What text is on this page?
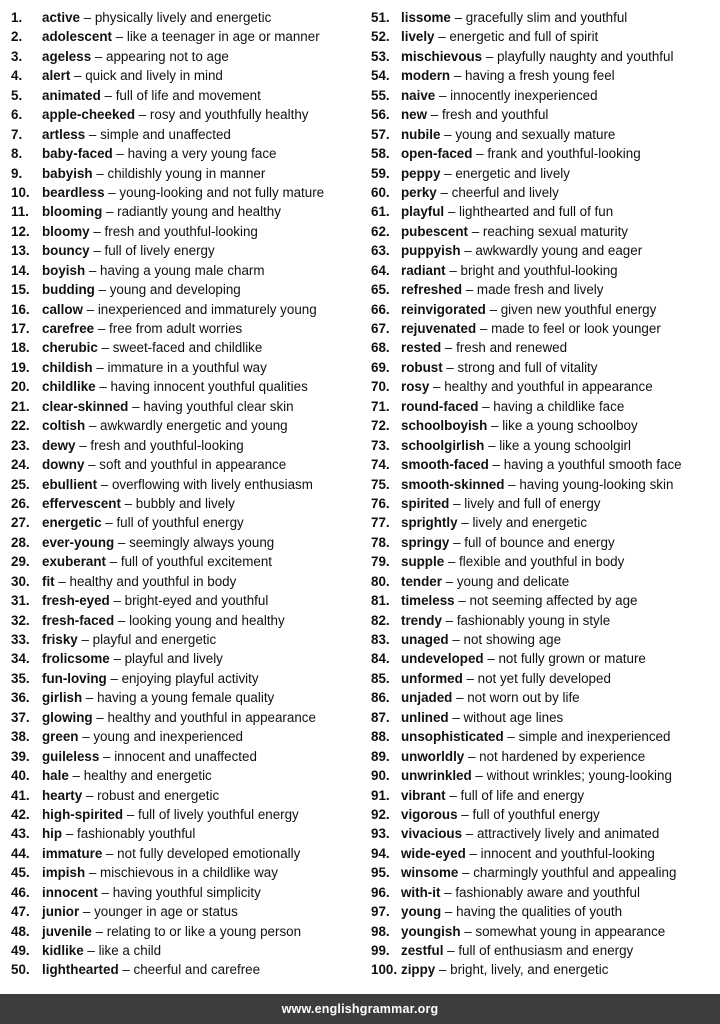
1.	active – physically lively and energetic
2.	adolescent – like a teenager in age or manner
3.	ageless – appearing not to age
4.	alert – quick and lively in mind
5.	animated – full of life and movement
6.	apple-cheeked – rosy and youthfully healthy
7.	artless – simple and unaffected
8.	baby-faced – having a very young face
9.	babyish – childishly young in manner
10. beardless – young-looking and not fully mature
11. blooming – radiantly young and healthy
12. bloomy – fresh and youthful-looking
13. bouncy – full of lively energy
14. boyish – having a young male charm
15. budding – young and developing
16. callow – inexperienced and immaturely young
17. carefree – free from adult worries
18. cherubic – sweet-faced and childlike
19. childish – immature in a youthful way
20. childlike – having innocent youthful qualities
21. clear-skinned – having youthful clear skin
22. coltish – awkwardly energetic and young
23. dewy – fresh and youthful-looking
24. downy – soft and youthful in appearance
25. ebullient – overflowing with lively enthusiasm
26. effervescent – bubbly and lively
27. energetic – full of youthful energy
28. ever-young – seemingly always young
29. exuberant – full of youthful excitement
30. fit – healthy and youthful in body
31. fresh-eyed – bright-eyed and youthful
32. fresh-faced – looking young and healthy
33. frisky – playful and energetic
34. frolicsome – playful and lively
35. fun-loving – enjoying playful activity
36. girlish – having a young female quality
37. glowing – healthy and youthful in appearance
38. green – young and inexperienced
39. guileless – innocent and unaffected
40. hale – healthy and energetic
41. hearty – robust and energetic
42. high-spirited – full of lively youthful energy
43. hip – fashionably youthful
44. immature – not fully developed emotionally
45. impish – mischievous in a childlike way
46. innocent – having youthful simplicity
47. junior – younger in age or status
48. juvenile – relating to or like a young person
49. kidlike – like a child
50. lighthearted – cheerful and carefree
51. lissome – gracefully slim and youthful
52. lively – energetic and full of spirit
53. mischievous – playfully naughty and youthful
54. modern – having a fresh young feel
55. naive – innocently inexperienced
56. new – fresh and youthful
57. nubile – young and sexually mature
58. open-faced – frank and youthful-looking
59. peppy – energetic and lively
60. perky – cheerful and lively
61. playful – lighthearted and full of fun
62. pubescent – reaching sexual maturity
63. puppyish – awkwardly young and eager
64. radiant – bright and youthful-looking
65. refreshed – made fresh and lively
66. reinvigorated – given new youthful energy
67. rejuvenated – made to feel or look younger
68. rested – fresh and renewed
69. robust – strong and full of vitality
70. rosy – healthy and youthful in appearance
71. round-faced – having a childlike face
72. schoolboyish – like a young schoolboy
73. schoolgirlish – like a young schoolgirl
74. smooth-faced – having a youthful smooth face
75. smooth-skinned – having young-looking skin
76. spirited – lively and full of energy
77. sprightly – lively and energetic
78. springy – full of bounce and energy
79. supple – flexible and youthful in body
80. tender – young and delicate
81. timeless – not seeming affected by age
82. trendy – fashionably young in style
83. unaged – not showing age
84. undeveloped – not fully grown or mature
85. unformed – not yet fully developed
86. unjaded – not worn out by life
87. unlined – without age lines
88. unsophisticated – simple and inexperienced
89. unworldly – not hardened by experience
90. unwrinkled – without wrinkles; young-looking
91. vibrant – full of life and energy
92. vigorous – full of youthful energy
93. vivacious – attractively lively and animated
94. wide-eyed – innocent and youthful-looking
95. winsome – charmingly youthful and appealing
96. with-it – fashionably aware and youthful
97. young – having the qualities of youth
98. youngish – somewhat young in appearance
99. zestful – full of enthusiasm and energy
100. zippy – bright, lively, and energetic
www.englishgrammar.org
